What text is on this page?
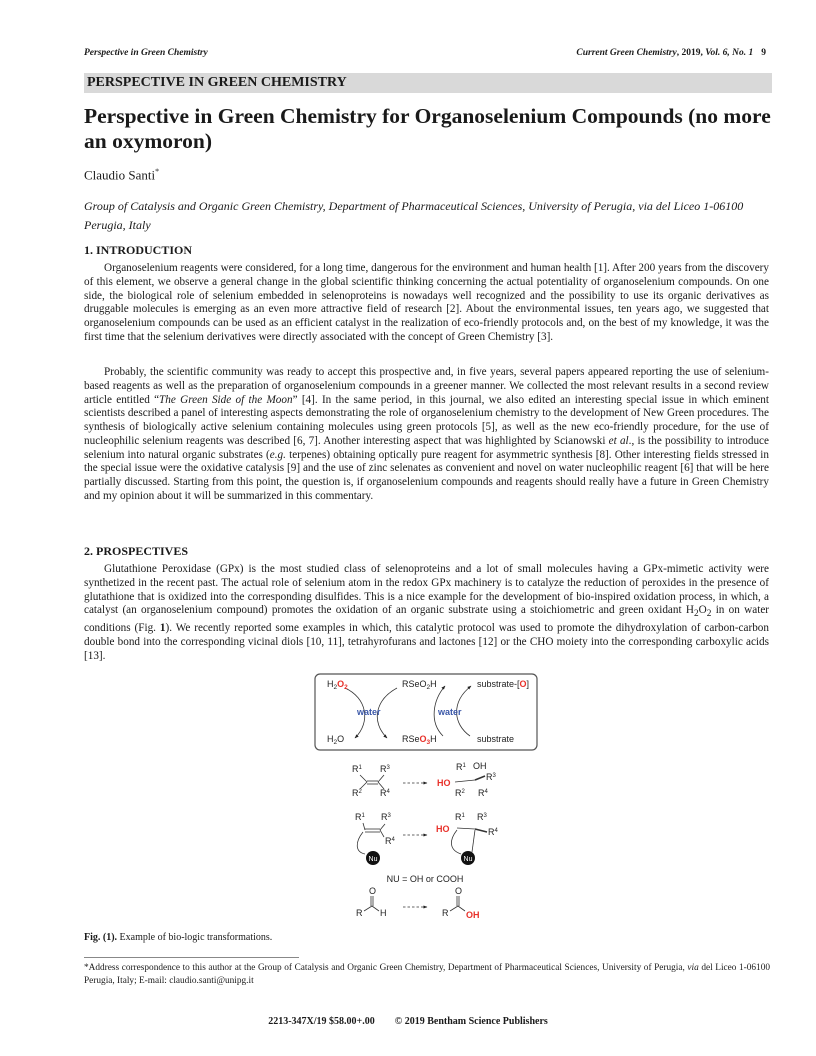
Perspective in Green Chemistry	Current Green Chemistry, 2019, Vol. 6, No. 1 9
PERSPECTIVE IN GREEN CHEMISTRY
Perspective in Green Chemistry for Organoselenium Compounds (no more an oxymoron)
Claudio Santi*
Group of Catalysis and Organic Green Chemistry, Department of Pharmaceutical Sciences, University of Perugia, via del Liceo 1-06100 Perugia, Italy
1. INTRODUCTION

Organoselenium reagents were considered, for a long time, dangerous for the environment and human health [1]. After 200 years from the discovery of this element, we observe a general change in the global scientific thinking concerning the actual potentiality of organoselenium compounds. On one side, the biological role of selenium embedded in selenoproteins is nowadays well recognized and the possibility to use its organic derivatives as druggable molecules is emerging as an even more attractive field of research [2]. About the environmental issues, ten years ago, we suggested that organoselenium compounds can be used as an efficient catalyst in the realization of eco-friendly protocols and, on the best of my knowledge, it was the first time that the selenium derivatives were directly associated with the concept of Green Chemistry [3].

Probably, the scientific community was ready to accept this prospective and, in five years, several papers appeared reporting the use of selenium-based reagents as well as the preparation of organoselenium compounds in a greener manner. We collected the most relevant results in a second review article entitled “The Green Side of the Moon” [4]. In the same period, in this journal, we also edited an interesting special issue in which eminent scientists described a panel of interesting aspects demonstrating the role of organoselenium chemistry to the development of New Green procedures. The synthesis of biologically active selenium containing molecules using green protocols [5], as well as the new eco-friendly procedure, for the use of nucleophilic selenium reagents was described [6, 7]. Another interesting aspect that was highlighted by Scianowski et al., is the possibility to introduce selenium into natural organic substrates (e.g. terpenes) obtaining optically pure reagent for asymmetric synthesis [8]. Other interesting fields stressed in the special issue were the oxidative catalysis [9] and the use of zinc selenates as convenient and novel on water nucleophilic reagent [6] that will be here partially discussed. Starting from this point, the question is, if organoselenium compounds and reagents should really have a future in Green Chemistry and my opinion about it will be summarized in this commentary.

2. PROSPECTIVES

Glutathione Peroxidase (GPx) is the most studied class of selenoproteins and a lot of small molecules having a GPx-mimetic activity were synthetized in the recent past. The actual role of selenium atom in the redox GPx machinery is to catalyze the reduction of peroxides in the presence of glutathione that is oxidized into the corresponding disulfides. This is a nice example for the development of bio-inspired oxidation process, in which, a catalyst (an organoselenium compound) promotes the oxidation of an organic substrate using a stoichiometric and green oxidant $H_2O_2$ in on water conditions (Fig. 1). We recently reported some examples in which, this catalytic protocol was used to promote the dihydroxylation of carbon-carbon double bond into the corresponding vicinal diols [10, 11], tetrahyrofurans and lactones [12] or the CHO moiety into the corresponding carboxylic acids [13].

$H_2O_2$
$H_2O$
RSeO$_2$H
RSeO$_3$H
substrate-[O]
substrate
water	water
$R^1$ $R^3$
$R^2$ $R^4$
$R^1$ OH
HO
$R^3$
$R^2$ $R^4$
$R^1$ $R^3$
$R^4$
Nu
HO
$R^1$ $R^3$
$R^4$
Nu
NU = OH or COOH
O
R H
O
R OH
Fig. (1). Example of bio-logic transformations.
*Address correspondence to this author at the Group of Catalysis and Organic Green Chemistry, Department of Pharmaceutical Sciences, University of Perugia, via del Liceo 1-06100 Perugia, Italy; E-mail: claudio.santi@unipg.it
2213-347X/19 $58.00+.00 © 2019 Bentham Science Publishers
